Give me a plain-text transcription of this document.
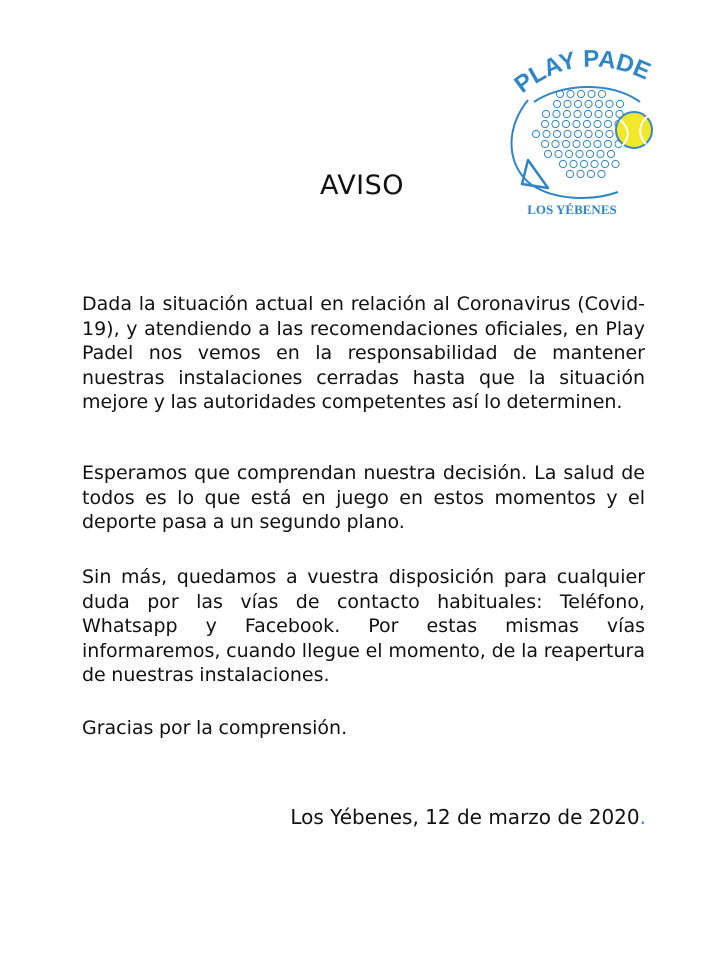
PLAY PADE
LOS YÉBENES
AVISO

Dada la situación actual en relación al Coronavirus (Covid-19), y atendiendo a las recomendaciones oficiales, en Play Padel nos vemos en la responsabilidad de mantener nuestras instalaciones cerradas hasta que la situación mejore y las autoridades competentes así lo determinen.

Esperamos que comprendan nuestra decisión. La salud de todos es lo que está en juego en estos momentos y el deporte pasa a un segundo plano.

Sin más, quedamos a vuestra disposición para cualquier duda por las vías de contacto habituales: Teléfono, Whatsapp y Facebook. Por estas mismas vías informaremos, cuando llegue el momento, de la reapertura de nuestras instalaciones.

Gracias por la comprensión.

Los Yébenes, 12 de marzo de 2020.
